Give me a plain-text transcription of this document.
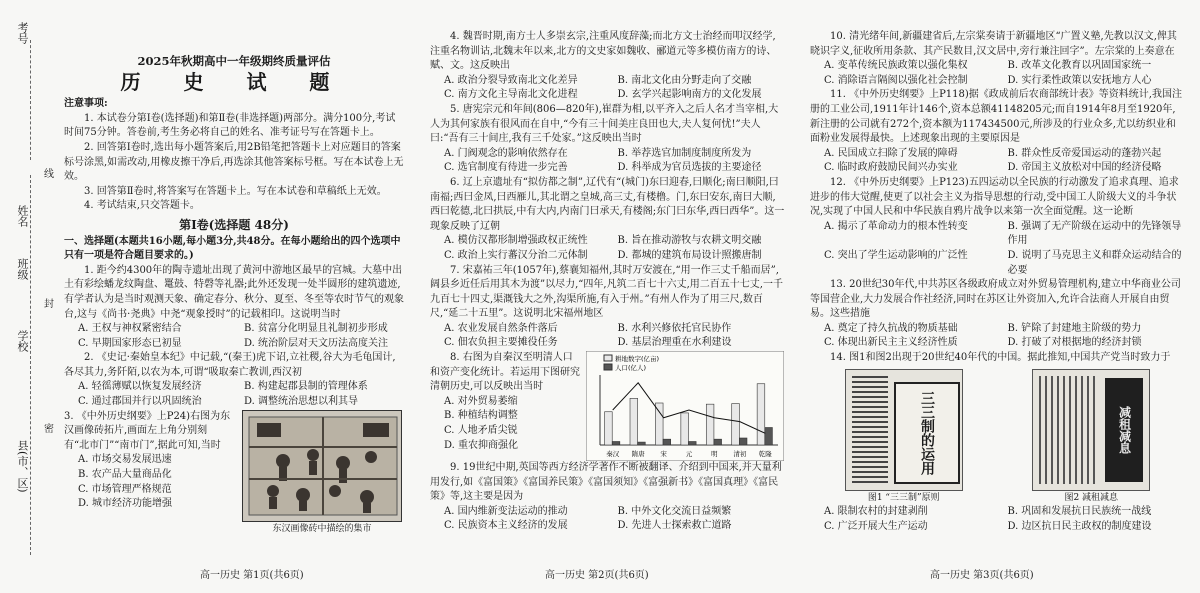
考号
姓名
班级
学校
县(市、区)
线
封
密

2025年秋期高中一年级期终质量评估

历 史 试 题

注意事项:

1. 本试卷分第Ⅰ卷(选择题)和第Ⅱ卷(非选择题)两部分。满分100分,考试时间75分钟。答卷前,考生务必将自己的姓名、准考证号写在答题卡上。

2. 回答第Ⅰ卷时,选出每小题答案后,用2B铅笔把答题卡上对应题目的答案标号涂黑,如需改动,用橡皮擦干净后,再选涂其他答案标号框。写在本试卷上无效。

3. 回答第Ⅱ卷时,将答案写在答题卡上。写在本试卷和草稿纸上无效。

4. 考试结束,只交答题卡。

第Ⅰ卷(选择题 48分)

一、选择题(本题共16小题,每小题3分,共48分。在每小题给出的四个选项中只有一项是符合题目要求的。)

1. 距今约4300年的陶寺遗址出现了黄河中游地区最早的宫城。大墓中出土有彩绘蟠龙纹陶盘、鼍鼓、特磬等礼器;此外还发现一处半圆形的建筑遗迹,有学者认为是当时观测天象、确定春分、秋分、夏至、冬至等农时节气的观象台,这与《尚书·尧典》中尧“观象授时”的记载相印。这说明当时

A. 王权与神权紧密结合	B. 贫富分化明显且礼制初步形成
C. 早期国家形态已初显	D. 统治阶层对天文历法高度关注

2. 《史记·秦始皇本纪》中记载,“(秦王)虎下诏,立社稷,谷大为毛龟国计,各尽其力,务阡陌,以农为本,可谓“吸取秦亡教训,西汉初

A. 轻徭薄赋以恢复发展经济	B. 构建起郡县制的管理体系
C. 通过郡国并行以巩固统治	D. 调整统治思想以利其导

3. 《中外历史纲要》上P24)右图为东汉画像砖拓片,画面左上角分别刻有“北市门”“南市门”,据此可知,当时

A. 市场交易发展迅速
B. 农产品大量商品化
C. 市场管理严格规范
D. 城市经济功能增强
东汉画像砖中描绘的集市
高一历史 第1页(共6页)

4. 魏晋时期,南方士人多崇玄宗,注重风度辞藻;而北方文士治经而叩汉经学,注重名物训诂,北魏末年以来,北方的文史家如魏收、郦道元等多模仿南方的诗、赋、文。这反映出

A. 政治分裂导致南北文化差异	B. 南北文化由分野走向了交融
C. 南方文化主导南北文化进程	D. 玄学兴起影响南方的文化发展

5. 唐宪宗元和年间(806—820年),崔群为相,以平齐入之后人名才当宰相,大人为其何家族有很风而在自中,“今有三十间美庄良田也大,夫人复何忧!”夫人曰:“吾有三十间庄,我有三千处家。”这反映出当时

A. 门阀观念的影响依然存在	B. 举荐选官加制度制度所发为
C. 选官制度有待进一步完善	D. 科举成为官员选拔的主要途径

6. 辽上京遗址有“拟仿都之制”,辽代有“(城门)东曰迎春,曰顺化;南曰顺阳,曰南福;西曰金凤,曰西雁儿,其北谓之皇城,高三丈,有楼橹。门,东曰安东,南曰大顺,西曰乾德,北曰拱辰,中有大内,内南门曰承天,有楼阁;东门曰东华,西曰西华”。这一现象反映了辽朝

A. 模仿汉都形制增强政权正统性	B. 旨在推动游牧与农耕文明交融
C. 政治上实行蕃汉分治二元体制	D. 都城的建筑布局设计照搬唐制

7. 宋嘉祐三年(1057年),蔡襄知福州,其时万安渡在,“用一作三丈千船而居”,阔县乡近任后用其木为渡”以尽力,“四年,凡筑二百七十六丈,用二百五十七丈,一千九百七十四丈,渠溉钱大之外,沟渠所施,有入于州。”有州人作为了用三尺,数百尺,“延二十五里”。这说明北宋福州地区

A. 农业发展自然条件落后	B. 水利兴修依托官民协作
C. 佃农负担主要摊役任务	D. 基层治理重在水利建设

8. 右图为自秦汉至明清人口和资产变化统计。若运用下图研究清朝历史,可以反映出当时

A. 对外贸易萎缩
B. 种植结构调整
C. 人地矛盾尖锐
D. 重农抑商强化
耕地数字(亿亩)
人口(亿人)
秦汉 隋唐 宋	元	明 清初 乾隆

9. 19世纪中期,英国等西方经济学著作不断被翻译、介绍到中国来,并大量利用发行,如《富国策》《富国养民策》《富国须知》《富强新书》《富国真理》《富民策》等,这主要是因为

A. 国内维新变法运动的推动	B. 中外文化交流日益频繁
C. 民族资本主义经济的发展	D. 先进人士探索救亡道路
高一历史 第2页(共6页)

10. 清光绪年间,新疆建省后,左宗棠奏请于新疆地区“广置义塾,先教以汉文,俾其晓识字义,征收所用条款、其产民数目,汉文居中,旁行兼注回字”。左宗棠的上奏意在

A. 变革传统民族政策以强化集权	B. 改革文化教育以巩固国家统一
C. 消除语言隔阂以强化社会控制	D. 实行柔性政策以安抚地方人心

11. 《中外历史纲要》上P118)据《政成前后农商部统计表》等资料统计,我国注册的工业公司,1911年计146个,资本总额41148205元;而自1914年8月至1920年,新注册的公司就有272个,资本额为117434500元,所涉及的行业众多,尤以纺织业和面粉业发展得最快。上述现象出现的主要原因是

A. 民国成立扫除了发展的障碍	B. 群众性反帝爱国运动的蓬勃兴起
C. 临时政府鼓励民间兴办实业	D. 帝国主义放松对中国的经济侵略

12. 《中外历史纲要》上P123)五四运动以全民族的行动激发了追求真理、追求进步的伟大觉醒,使更了以社会主义为指导思想的行动,受中国工人阶级大义的斗争状况,实现了中国人民和中华民族自鸦片战争以来第一次全面觉醒。这一论断

A. 揭示了革命动力的根本性转变	B. 强调了无产阶级在运动中的先锋领导作用
C. 突出了学生运动影响的广泛性	D. 说明了马克思主义和群众运动结合的必要

13. 20世纪30年代,中共苏区各级政府成立对外贸易管理机构,建立中华商业公司等国营企业,大力发展合作社经济,同时在苏区让外资加入,允许合法商人开展自由贸易。这些措施

A. 奠定了持久抗战的物质基础	B. 铲除了封建地主阶级的势力
C. 体现出新民主主义经济性质	D. 打破了对根据地的经济封锁

14. 图1和图2出现于20世纪40年代的中国。据此推知,中国共产党当时致力于

三三制的运用
图1 “三三制”原则
减租减息
图2 减租减息
A. 限制农村的封建剥削	B. 巩固和发展抗日民族统一战线
C. 广泛开展大生产运动	D. 边区抗日民主政权的制度建设
高一历史 第3页(共6页)
